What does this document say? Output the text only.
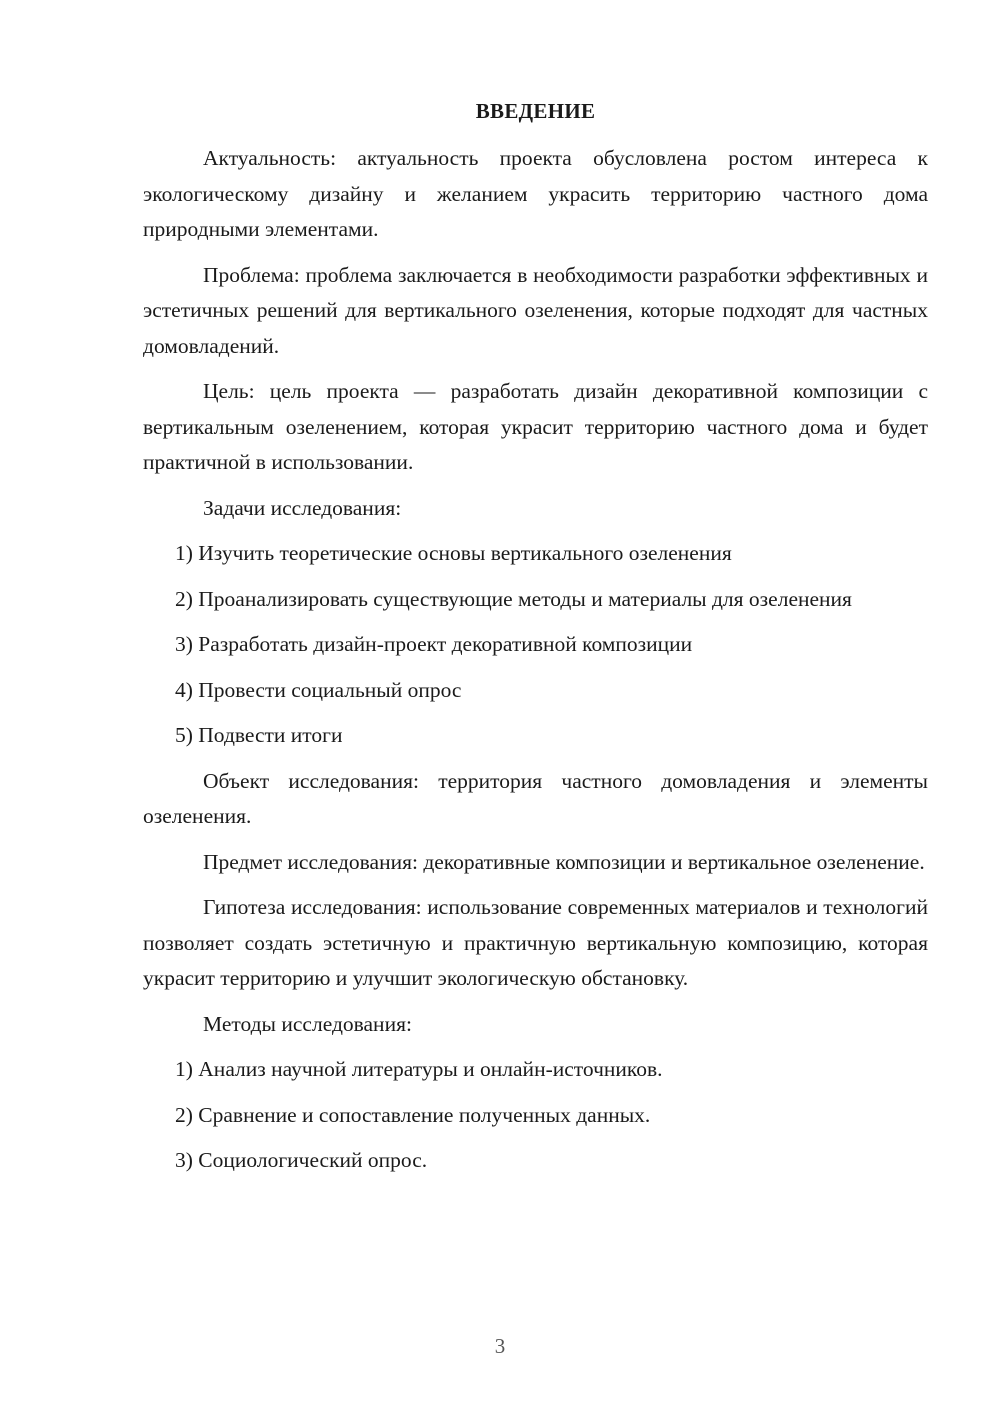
ВВЕДЕНИЕ

Актуальность: актуальность проекта обусловлена ростом интереса к экологическому дизайну и желанием украсить территорию частного дома природными элементами.

Проблема: проблема заключается в необходимости разработки эффективных и эстетичных решений для вертикального озеленения, которые подходят для частных домовладений.

Цель: цель проекта — разработать дизайн декоративной композиции с вертикальным озеленением, которая украсит территорию частного дома и будет практичной в использовании.

Задачи исследования:

1) Изучить теоретические основы вертикального озеленения

2) Проанализировать существующие методы и материалы для озеленения

3) Разработать дизайн-проект декоративной композиции

4) Провести социальный опрос

5) Подвести итоги

Объект исследования: территория частного домовладения и элементы озеленения.

Предмет исследования: декоративные композиции и вертикальное озеленение.

Гипотеза исследования: использование современных материалов и технологий позволяет создать эстетичную и практичную вертикальную композицию, которая украсит территорию и улучшит экологическую обстановку.

Методы исследования:

1) Анализ научной литературы и онлайн-источников.

2) Сравнение и сопоставление полученных данных.

3) Социологический опрос.

3
